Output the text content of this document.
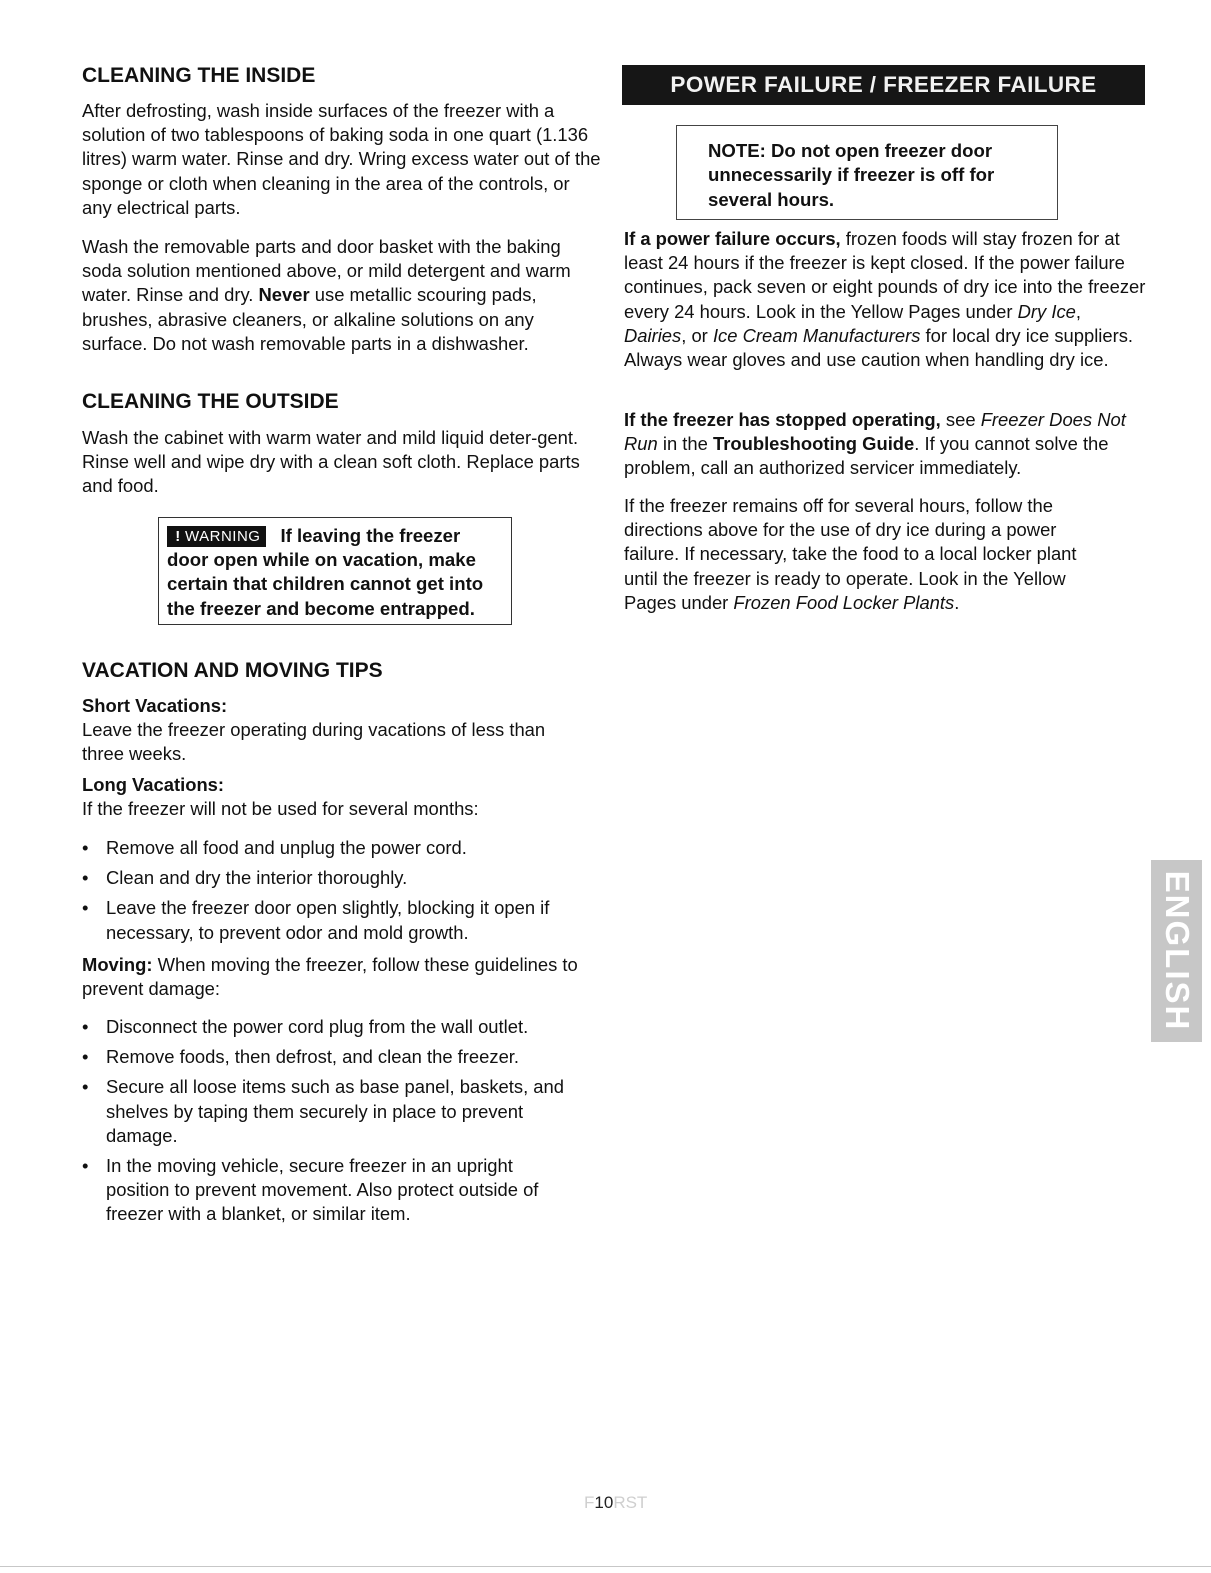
CLEANING THE INSIDE

After defrosting, wash inside surfaces of the freezer with a solution of two tablespoons of baking soda in one quart (1.136 litres) warm water. Rinse and dry. Wring excess water out of the sponge or cloth when cleaning in the area of the controls, or any electrical parts.

Wash the removable parts and door basket with the baking soda solution mentioned above, or mild detergent and warm water. Rinse and dry. Never use metallic scouring pads, brushes, abrasive cleaners, or alkaline solutions on any surface. Do not wash removable parts in a dishwasher.

CLEANING THE OUTSIDE

Wash the cabinet with warm water and mild liquid deter-gent. Rinse well and wipe dry with a clean soft cloth. Replace parts and food.

VACATION AND MOVING TIPS
Short Vacations:

Leave the freezer operating during vacations of less than three weeks.

Long Vacations:

If the freezer will not be used for several months:

• Remove all food and unplug the power cord.
• Clean and dry the interior thoroughly.
• Leave the freezer door open slightly, blocking it open if necessary, to prevent odor and mold growth.

Moving: When moving the freezer, follow these guidelines to prevent damage:

• Disconnect the power cord plug from the wall outlet.
• Remove foods, then defrost, and clean the freezer.
• Secure all loose items such as base panel, baskets, and shelves by taping them securely in place to prevent damage.
• In the moving vehicle, secure freezer in an upright position to prevent movement. Also protect outside of freezer with a blanket, or similar item.
! WARNING If leaving the freezer door open while on vacation, make certain that children cannot get into the freezer and become entrapped.
POWER FAILURE / FREEZER FAILURE
NOTE: Do not open freezer door unnecessarily if freezer is off for several hours.

If a power failure occurs, frozen foods will stay frozen for at least 24 hours if the freezer is kept closed. If the power failure continues, pack seven or eight pounds of dry ice into the freezer every 24 hours. Look in the Yellow Pages under Dry Ice, Dairies, or Ice Cream Manufacturers for local dry ice suppliers. Always wear gloves and use caution when handling dry ice.

If the freezer has stopped operating, see Freezer Does Not Run in the Troubleshooting Guide. If you cannot solve the problem, call an authorized servicer immediately.

If the freezer remains off for several hours, follow the directions above for the use of dry ice during a power failure. If necessary, take the food to a local locker plant until the freezer is ready to operate. Look in the Yellow Pages under Frozen Food Locker Plants.

ENGLISH
F10RST
